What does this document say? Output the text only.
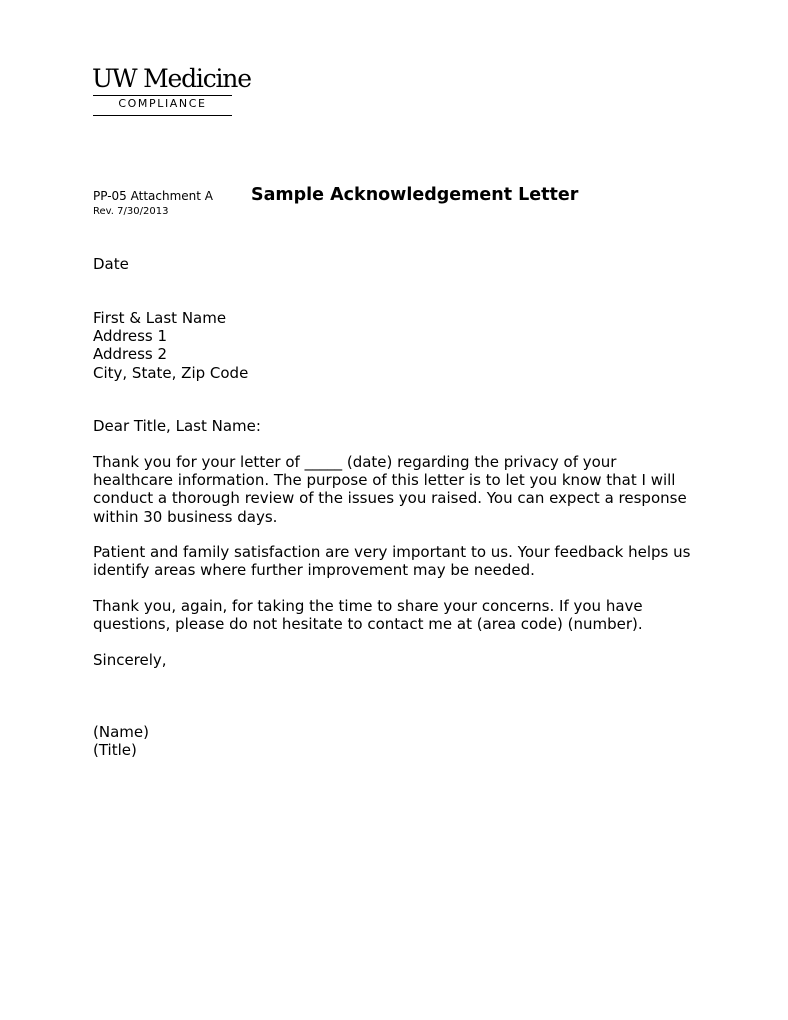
UW Medicine
COMPLIANCE
PP-05 Attachment A
Rev. 7/30/2013
Sample Acknowledgement Letter
Date
First & Last Name
Address 1
Address 2
City, State, Zip Code
Dear Title, Last Name:
Thank you for your letter of _____ (date) regarding the privacy of your
healthcare information. The purpose of this letter is to let you know that I will
conduct a thorough review of the issues you raised. You can expect a response
within 30 business days.
Patient and family satisfaction are very important to us. Your feedback helps us
identify areas where further improvement may be needed.
Thank you, again, for taking the time to share your concerns. If you have
questions, please do not hesitate to contact me at (area code) (number).
Sincerely,
(Name)
(Title)
